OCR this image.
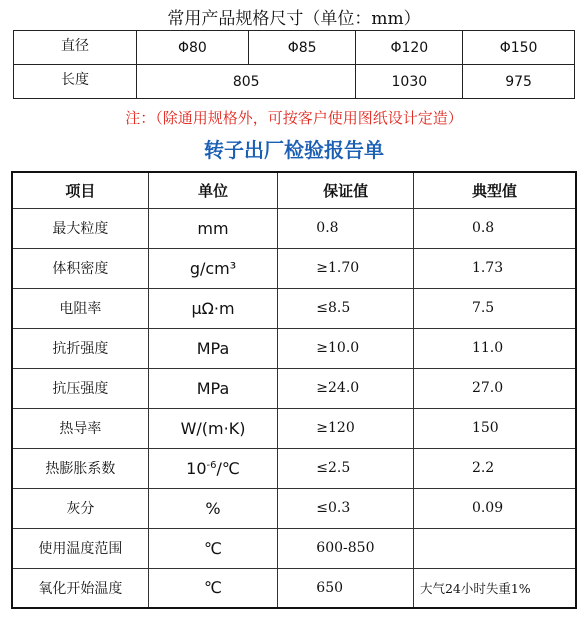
常用产品规格尺寸（单位：mm）
直径	Φ80	Φ85	Φ120	Φ150
长度	805		1030	975
注：（除通用规格外，可按客户使用图纸设计定造）
转子出厂检验报告单
项目	单位	保证值	典型值
最大粒度	mm	0.8	0.8
体积密度	g/cm³	≥1.70	1.73
电阻率	μΩ·m	≤8.5	7.5
抗折强度	MPa	≥10.0	11.0
抗压强度	MPa	≥24.0	27.0
热导率	W/(m·K)	≥120	150
热膨胀系数	$10^{-6}/℃$	≤2.5	2.2
灰分	%	≤0.3	0.09
使用温度范围	℃	600-850	
氧化开始温度	℃	650	大气24小时失重1%
